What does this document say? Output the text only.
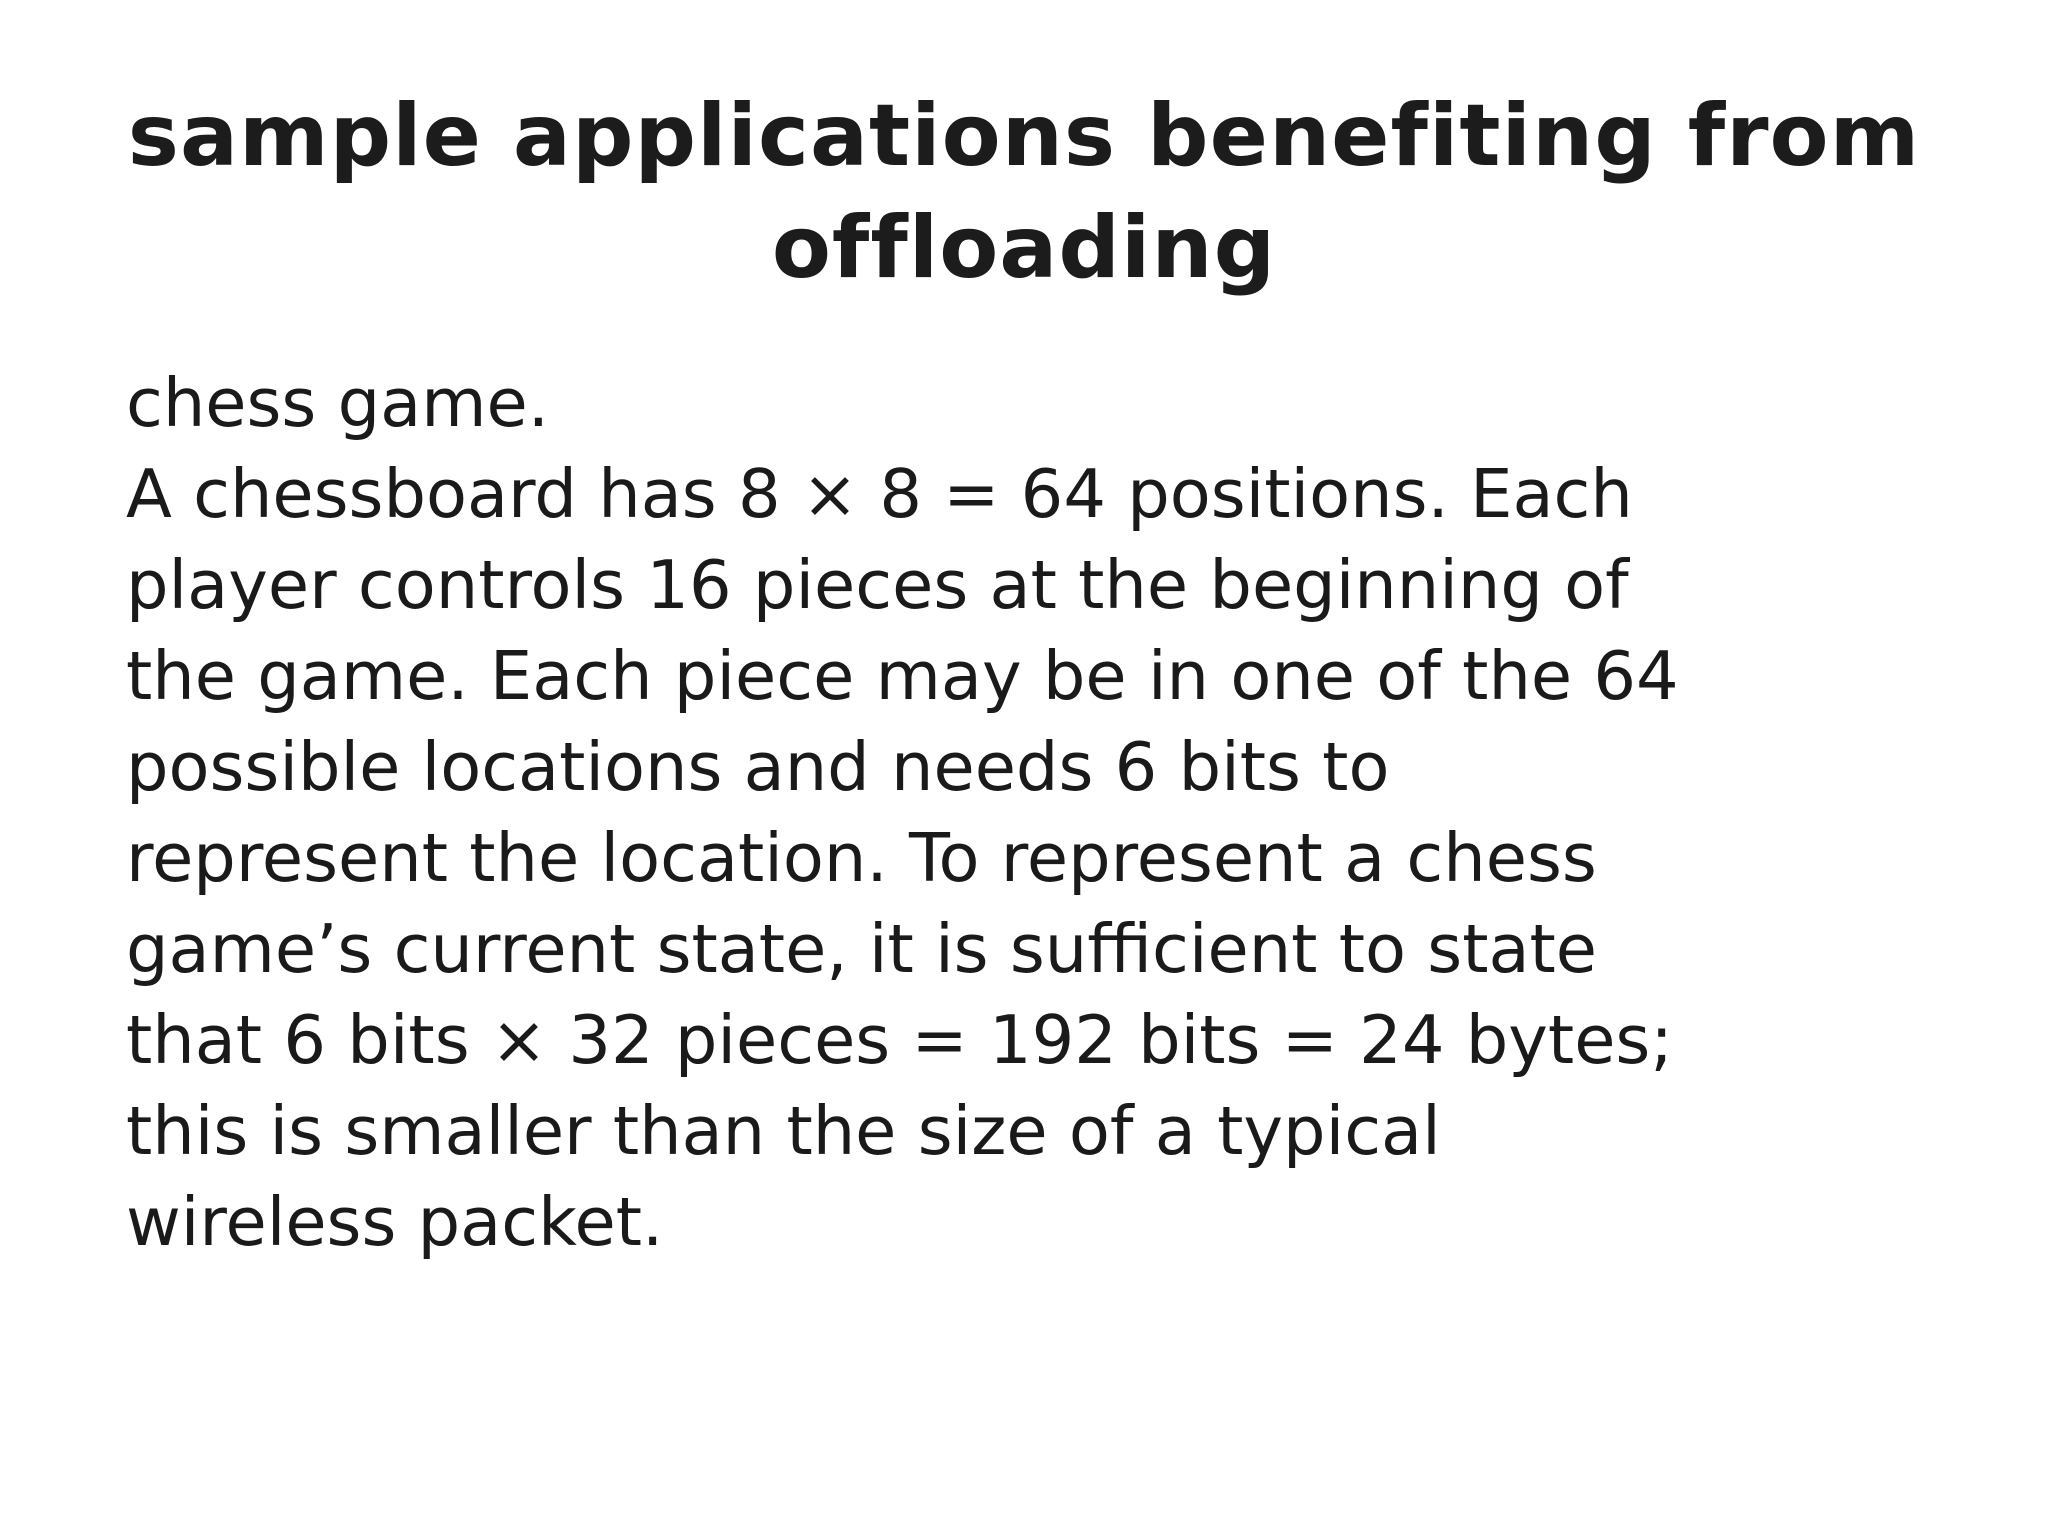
sample applications benefiting from
offloading

chess game.

A chessboard has 8 × 8 = 64 positions. Each

player controls 16 pieces at the beginning of

the game. Each piece may be in one of the 64

possible locations and needs 6 bits to

represent the location. To represent a chess

game’s current state, it is sufficient to state

that 6 bits × 32 pieces = 192 bits = 24 bytes;

this is smaller than the size of a typical

wireless packet.
